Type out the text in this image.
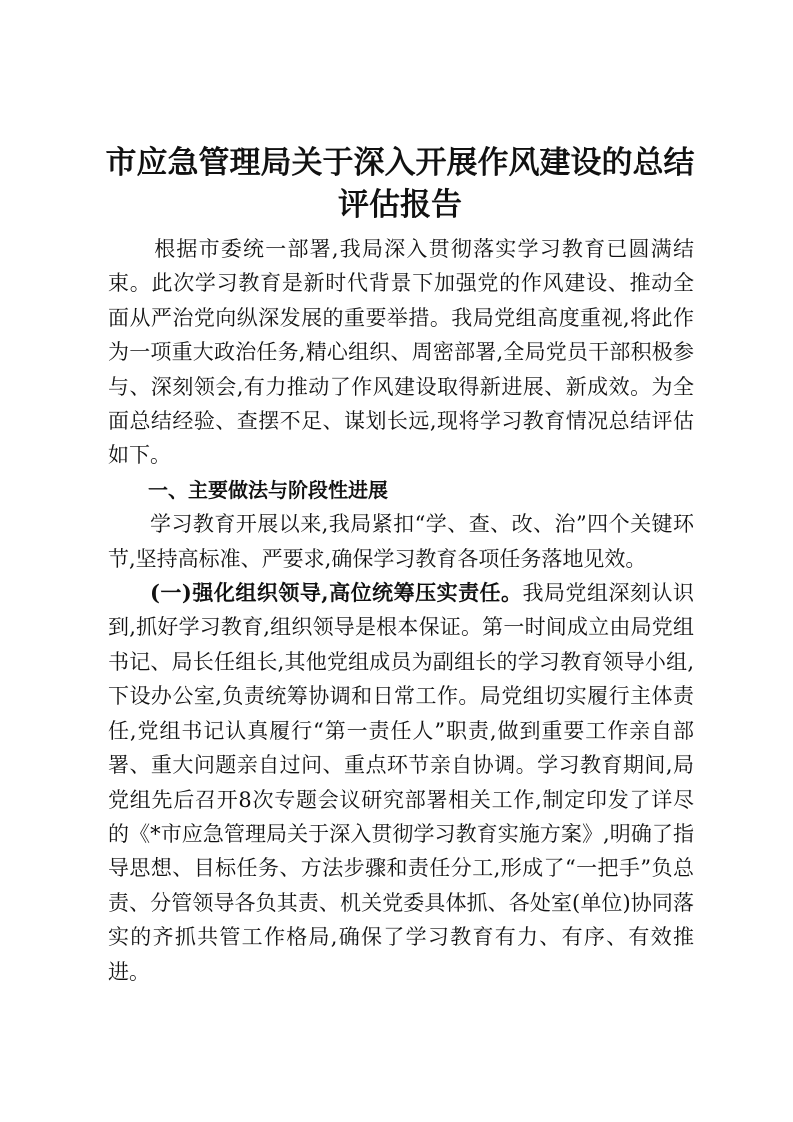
市应急管理局关于深入开展作风建设的总结评估报告

根据市委统一部署,我局深入贯彻落实学习教育已圆满结束。此次学习教育是新时代背景下加强党的作风建设、推动全面从严治党向纵深发展的重要举措。我局党组高度重视,将此作为一项重大政治任务,精心组织、周密部署,全局党员干部积极参与、深刻领会,有力推动了作风建设取得新进展、新成效。为全面总结经验、查摆不足、谋划长远,现将学习教育情况总结评估如下。

一、主要做法与阶段性进展

学习教育开展以来,我局紧扣“学、查、改、治”四个关键环节,坚持高标准、严要求,确保学习教育各项任务落地见效。

(一)强化组织领导,高位统筹压实责任。我局党组深刻认识到,抓好学习教育,组织领导是根本保证。第一时间成立由局党组书记、局长任组长,其他党组成员为副组长的学习教育领导小组,下设办公室,负责统筹协调和日常工作。局党组切实履行主体责任,党组书记认真履行“第一责任人”职责,做到重要工作亲自部署、重大问题亲自过问、重点环节亲自协调。学习教育期间,局党组先后召开8次专题会议研究部署相关工作,制定印发了详尽的《*市应急管理局关于深入贯彻学习教育实施方案》,明确了指导思想、目标任务、方法步骤和责任分工,形成了“一把手”负总责、分管领导各负其责、机关党委具体抓、各处室(单位)协同落实的齐抓共管工作格局,确保了学习教育有力、有序、有效推进。
